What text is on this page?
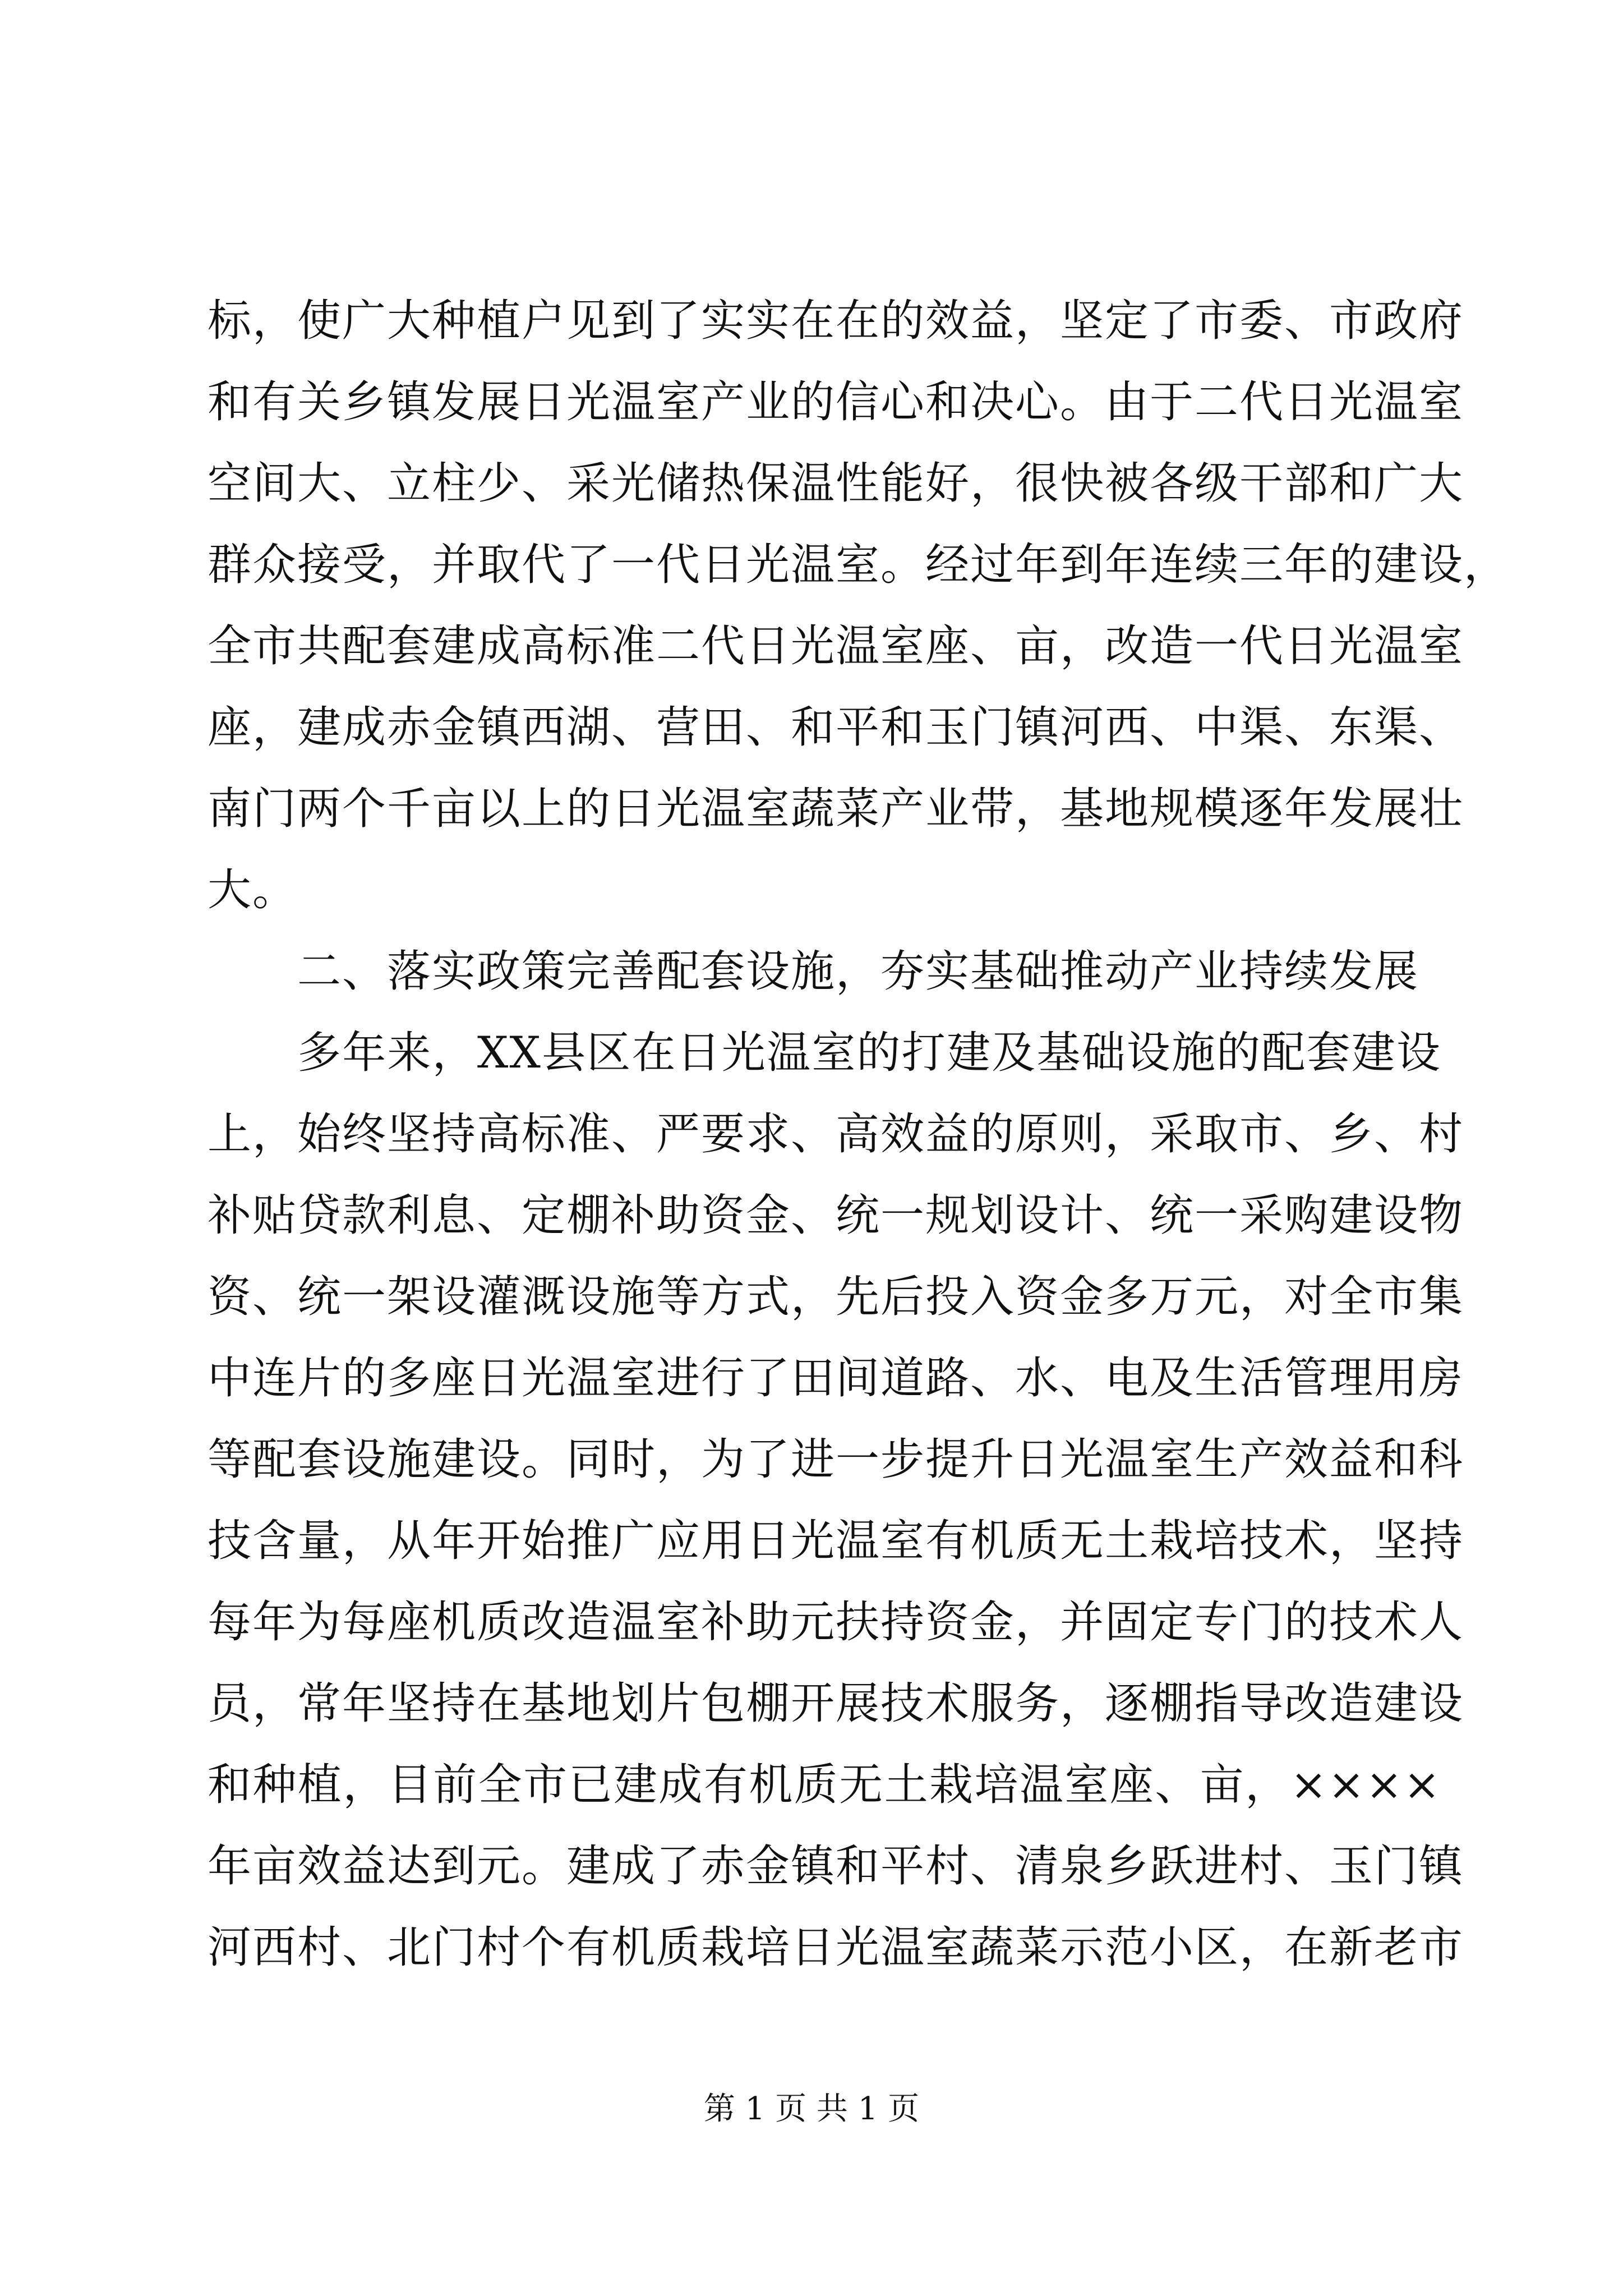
标，使广大种植户见到了实实在在的效益，坚定了市委、市政府
和有关乡镇发展日光温室产业的信心和决心。由于二代日光温室
空间大、立柱少、采光储热保温性能好，很快被各级干部和广大
群众接受，并取代了一代日光温室。经过年到年连续三年的建设，
全市共配套建成高标准二代日光温室座、亩，改造一代日光温室
座，建成赤金镇西湖、营田、和平和玉门镇河西、中渠、东渠、
南门两个千亩以上的日光温室蔬菜产业带，基地规模逐年发展壮
大。
二、落实政策完善配套设施，夯实基础推动产业持续发展
多年来，XX县区在日光温室的打建及基础设施的配套建设
上，始终坚持高标准、严要求、高效益的原则，采取市、乡、村
补贴贷款利息、定棚补助资金、统一规划设计、统一采购建设物
资、统一架设灌溉设施等方式，先后投入资金多万元，对全市集
中连片的多座日光温室进行了田间道路、水、电及生活管理用房
等配套设施建设。同时，为了进一步提升日光温室生产效益和科
技含量，从年开始推广应用日光温室有机质无土栽培技术，坚持
每年为每座机质改造温室补助元扶持资金，并固定专门的技术人
员，常年坚持在基地划片包棚开展技术服务，逐棚指导改造建设
和种植，目前全市已建成有机质无土栽培温室座、亩，××××
年亩效益达到元。建成了赤金镇和平村、清泉乡跃进村、玉门镇
河西村、北门村个有机质栽培日光温室蔬菜示范小区，在新老市
第 1 页 共 1 页
